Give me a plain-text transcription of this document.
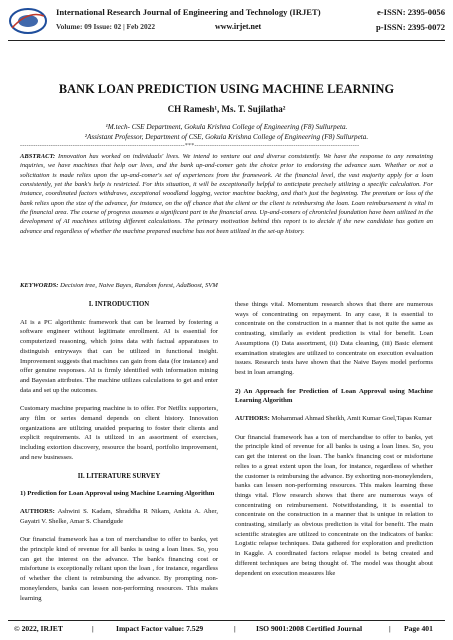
International Research Journal of Engineering and Technology (IRJET)	e-ISSN: 2395-0056
Volume: 09 Issue: 02 | Feb 2022	www.irjet.net	p-ISSN: 2395-0072
BANK LOAN PREDICTION USING MACHINE LEARNING
CH Ramesh¹, Ms. T. Sujilatha²
¹M.tech- CSE Department, Gokula Krishna College of Engineering (F8) Sullurpeta.
²Assistant Professor, Department of CSE, Gokula Krishna College of Engineering (F8) Sullurpeta.
---------------------------------------------------------------------------***---------------------------------------------------------------------------
ABSTRACT: Innovation has worked on individuals' lives. We intend to venture out and diverse consistently. We have the response to any remaining inquiries, we have machines that help our lives, and the bank up-and-comer gets the choice prior to endorsing the advance sum. Whether or not a solicitation is made relies upon the up-and-comer's set of experiences from the framework. At the financial level, the vast majority apply for a loan consistently, yet the bank's help is restricted. For this situation, it will be exceptionally helpful to anticipate precisely utilizing a specific calculation. For instance, coordinated factors withdraws, exceptional woodland logging, vector machine backing, and that's just the beginning. The premium or loss of the bank relies upon the size of the advance, for instance, on the off chance that the client or the client is reimbursing the loan. Loan reimbursement is vital in the financial area. The course of progress assumes a significant part in the financial area. Up-and-comers of chronicled foundation have been utilized in the development of AI machines utilizing different calculations. The primary motivation behind this report is to decide if the new candidate has gotten an advance and regardless of whether the machine prepared machine has not been utilized in the set-up history.
KEYWORDS: Decision tree, Naive Bayes, Random forest, AdaBoost, SVM
I. INTRODUCTION

AI is a PC algorithmic framework that can be learned by fostering a software engineer without legitimate enrollment. AI is essential for computerized reasoning, which joins data with factual apparatuses to distinguish entryways that can be utilized in functional insight. Improvement suggests that machines can gain from data (for instance) and offer genuine responses. AI is firmly identified with information mining and Bayesian attributes. The machine utilizes calculations to get and enter data and set up the outcomes.

Customary machine preparing machine is to offer. For Netflix supporters, any film or series demand depends on client history. Innovation organizations are utilizing unaided preparing to foster their clients and explicit requirements. AI is utilized in an assortment of exercises, including extortion discovery, resource the board, portfolio improvement, and new businesses.

II. LITERATURE SURVEY
1) Prediction for Loan Approval using Machine Learning Algorithm
AUTHORS: Ashwini S. Kadam, Shraddha R Nikam, Ankita A. Aher, Gayatri V. Shelke, Amar S. Chandgude

Our financial framework has a ton of merchandise to offer to banks, yet the principle kind of revenue for all banks is using a loan lines. So, you can get the interest on the advance. The bank's financing cost or misfortune is exceptionally reliant upon the loan , for instance, regardless of whether the client is reimbursing the advance. By prompting non-moneylenders, banks can lessen non-performing resources. This makes learning

these things vital. Momentum research shows that there are numerous ways of concentrating on repayment. In any case, it is essential to concentrate on the construction in a manner that is not quite the same as contrasting, similarly as evident prediction is vital for benefit. Loan Assumptions (I) Data assortment, (ii) Data cleaning, (iii) Basic element examination strategies are utilized to concentrate on execution evaluation issues. Research tests have shown that the Naive Bayes model performs best in loan arranging.

2) An Approach for Prediction of Loan Approval using Machine Learning Algorithm
AUTHORS: Mohammad Ahmad Sheikh, Amit Kumar Goel,Tapas Kumar

Our financial framework has a ton of merchandise to offer to banks, yet the principle kind of revenue for all banks is using a loan lines. So, you can get the interest on the loan. The bank's financing cost or misfortune relies to a great extent upon the loan, for instance, regardless of whether the customer is reimbursing the advance. By exhorting non-moneylenders, banks can lessen non-performing resources. This makes learning these things vital. Flow research shows that there are numerous ways of concentrating on reimbursement. Notwithstanding, it is essential to concentrate on the construction in a manner that is unique in relation to contrasting, similarly as obvious prediction is vital for benefit. The main scientific strategies are utilized to concentrate on the indicators of banks: Logistic relapse techniques. Data gathered for exploration and prediction in Kaggle. A coordinated factors relapse model is being created and different techniques are being thought of. The model was thought about dependent on execution measures like

© 2022, IRJET	|	Impact Factor value: 7.529	|	ISO 9001:2008 Certified Journal	| Page 401
